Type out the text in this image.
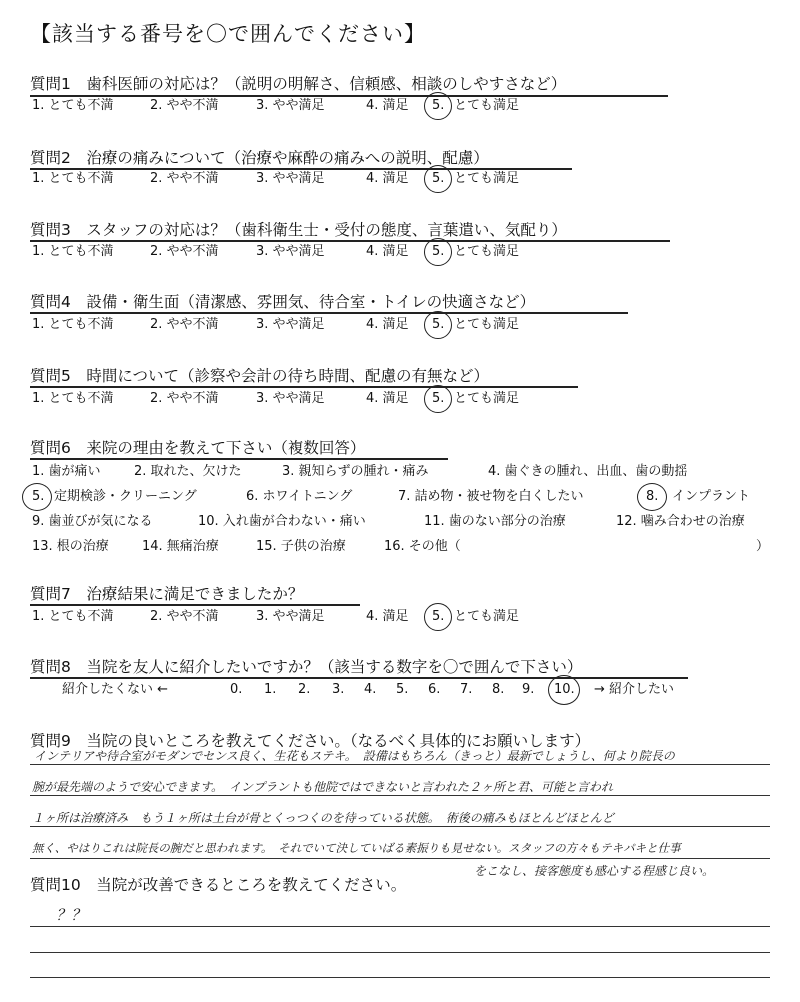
【該当する番号を〇で囲んでください】
質問1　歯科医師の対応は？（説明の明解さ、信頼感、相談のしやすさなど）
1. とても不満	2. やや不満	3. やや満足	4. 満足 5. とても満足
質問2　治療の痛みについて（治療や麻酔の痛みへの説明、配慮）
1. とても不満	2. やや不満	3. やや満足	4. 満足 5. とても満足
質問3　スタッフの対応は？（歯科衛生士・受付の態度、言葉遣い、気配り）
1. とても不満	2. やや不満	3. やや満足	4. 満足 5. とても満足
質問4　設備・衛生面（清潔感、雰囲気、待合室・トイレの快適さなど）
1. とても不満	2. やや不満	3. やや満足	4. 満足 5. とても満足
質問5　時間について（診察や会計の待ち時間、配慮の有無など）
1. とても不満	2. やや不満	3. やや満足	4. 満足 5. とても満足
質問6　来院の理由を教えて下さい（複数回答）
1. 歯が痛い	2. 取れた、欠けた	3. 親知らずの腫れ・痛み	4. 歯ぐきの腫れ、出血、歯の動揺
5. 定期検診・クリーニング	6. ホワイトニング	7. 詰め物・被せ物を白くしたい	8. インプラント
9. 歯並びが気になる	10. 入れ歯が合わない・痛い	11. 歯のない部分の治療	12. 噛み合わせの治療
13. 根の治療	14. 無痛治療	15. 子供の治療	16. その他（	）
質問7　治療結果に満足できましたか？
1. とても不満	2. やや不満	3. やや満足	4. 満足 5. とても満足
質問8　当院を友人に紹介したいですか？（該当する数字を〇で囲んで下さい）
紹介したくない ←	0. 1. 2. 3. 4. 5. 6. 7. 8. 9. 10. → 紹介したい
質問9　当院の良いところを教えてください。（なるべく具体的にお願いします）
インテリアや待合室がモダンでセンス良く、生花もステキ。　設備はもちろん（きっと）最新でしょうし、何より院長の
腕が最先端のようで安心できます。　インプラントも他院ではできないと言われた２ヶ所と君、可能と言われ
１ヶ所は治療済み　もう１ヶ所は土台が骨とくっつくのを待っている状態。　術後の痛みもほとんどほとんど
無く、やはりこれは院長の腕だと思われます。　それでいて決していばる素振りも見せない。スタッフの方々もテキパキと仕事
をこなし、接客態度も感心する程感じ良い。
質問10　当院が改善できるところを教えてください。
？？
